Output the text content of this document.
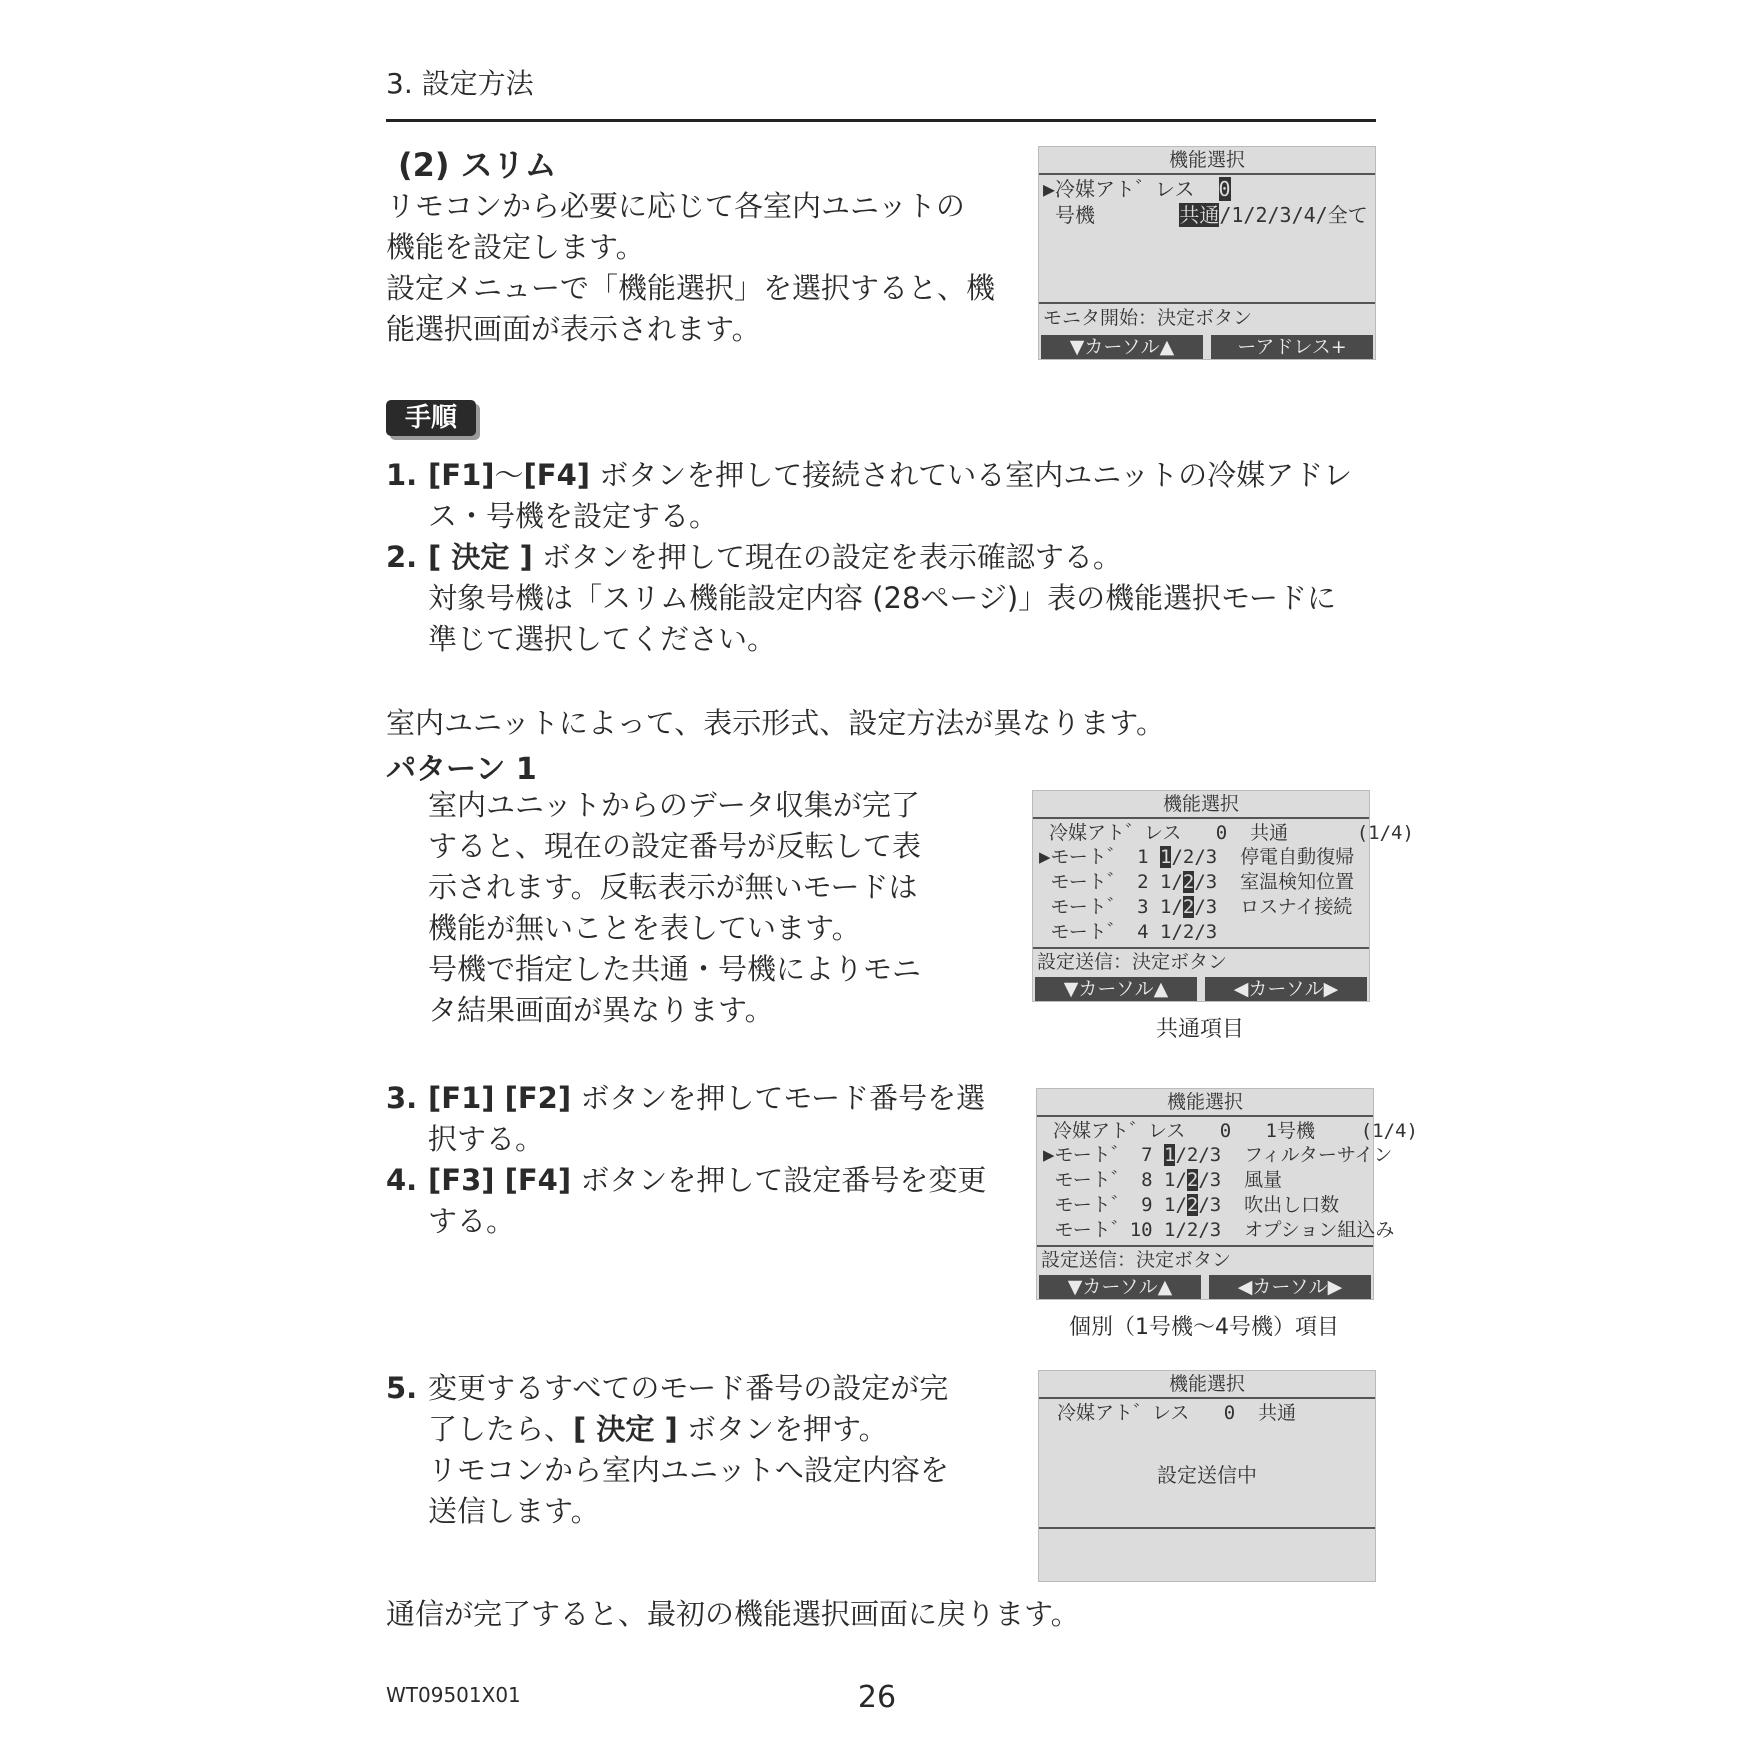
3. 設定方法
(2) スリム
リモコンから必要に応じて各室内ユニットの
機能を設定します。
設定メニューで「機能選択」を選択すると、機
能選択画面が表示されます。
機能選択
▶冷媒アト゛レス 0
号機	共通/1/2/3/4/全て
モニタ開始：決定ボタン
▼カーソル▲	ーアドレス+
手順
1. [F1]～[F4] ボタンを押して接続されている室内ユニットの冷媒アドレ
ス・号機を設定する。
2. [ 決定 ] ボタンを押して現在の設定を表示確認する。
対象号機は「スリム機能設定内容 (28ページ)」表の機能選択モードに
準じて選択してください。
室内ユニットによって、表示形式、設定方法が異なります。
パターン 1
室内ユニットからのデータ収集が完了
すると、現在の設定番号が反転して表
示されます。反転表示が無いモードは
機能が無いことを表しています。
号機で指定した共通・号機によりモニ
タ結果画面が異なります。
機能選択
冷媒アト゛レス   0  共通      (1/4)
▶モート゛ 1 1/2/3  停電自動復帰
モート゛ 2 1/2/3  室温検知位置
モート゛ 3 1/2/3  ロスナイ接続
モート゛ 4 1/2/3
設定送信：決定ボタン
▼カーソル▲	◀カーソル▶
共通項目
3. [F1] [F2] ボタンを押してモード番号を選
択する。
4. [F3] [F4] ボタンを押して設定番号を変更
する。
機能選択
冷媒アト゛レス   0   1号機    (1/4)
▶モート゛ 7 1/2/3  フィルターサイン
モート゛ 8 1/2/3  風量
モート゛ 9 1/2/3  吹出し口数
モート゛10 1/2/3  オプション組込み
設定送信：決定ボタン
▼カーソル▲	◀カーソル▶
個別（1号機～4号機）項目
5. 変更するすべてのモード番号の設定が完
了したら、[ 決定 ] ボタンを押す。
リモコンから室内ユニットへ設定内容を
送信します。
機能選択
冷媒アト゛レス   0  共通
設定送信中
通信が完了すると、最初の機能選択画面に戻ります。
WT09501X01	26
